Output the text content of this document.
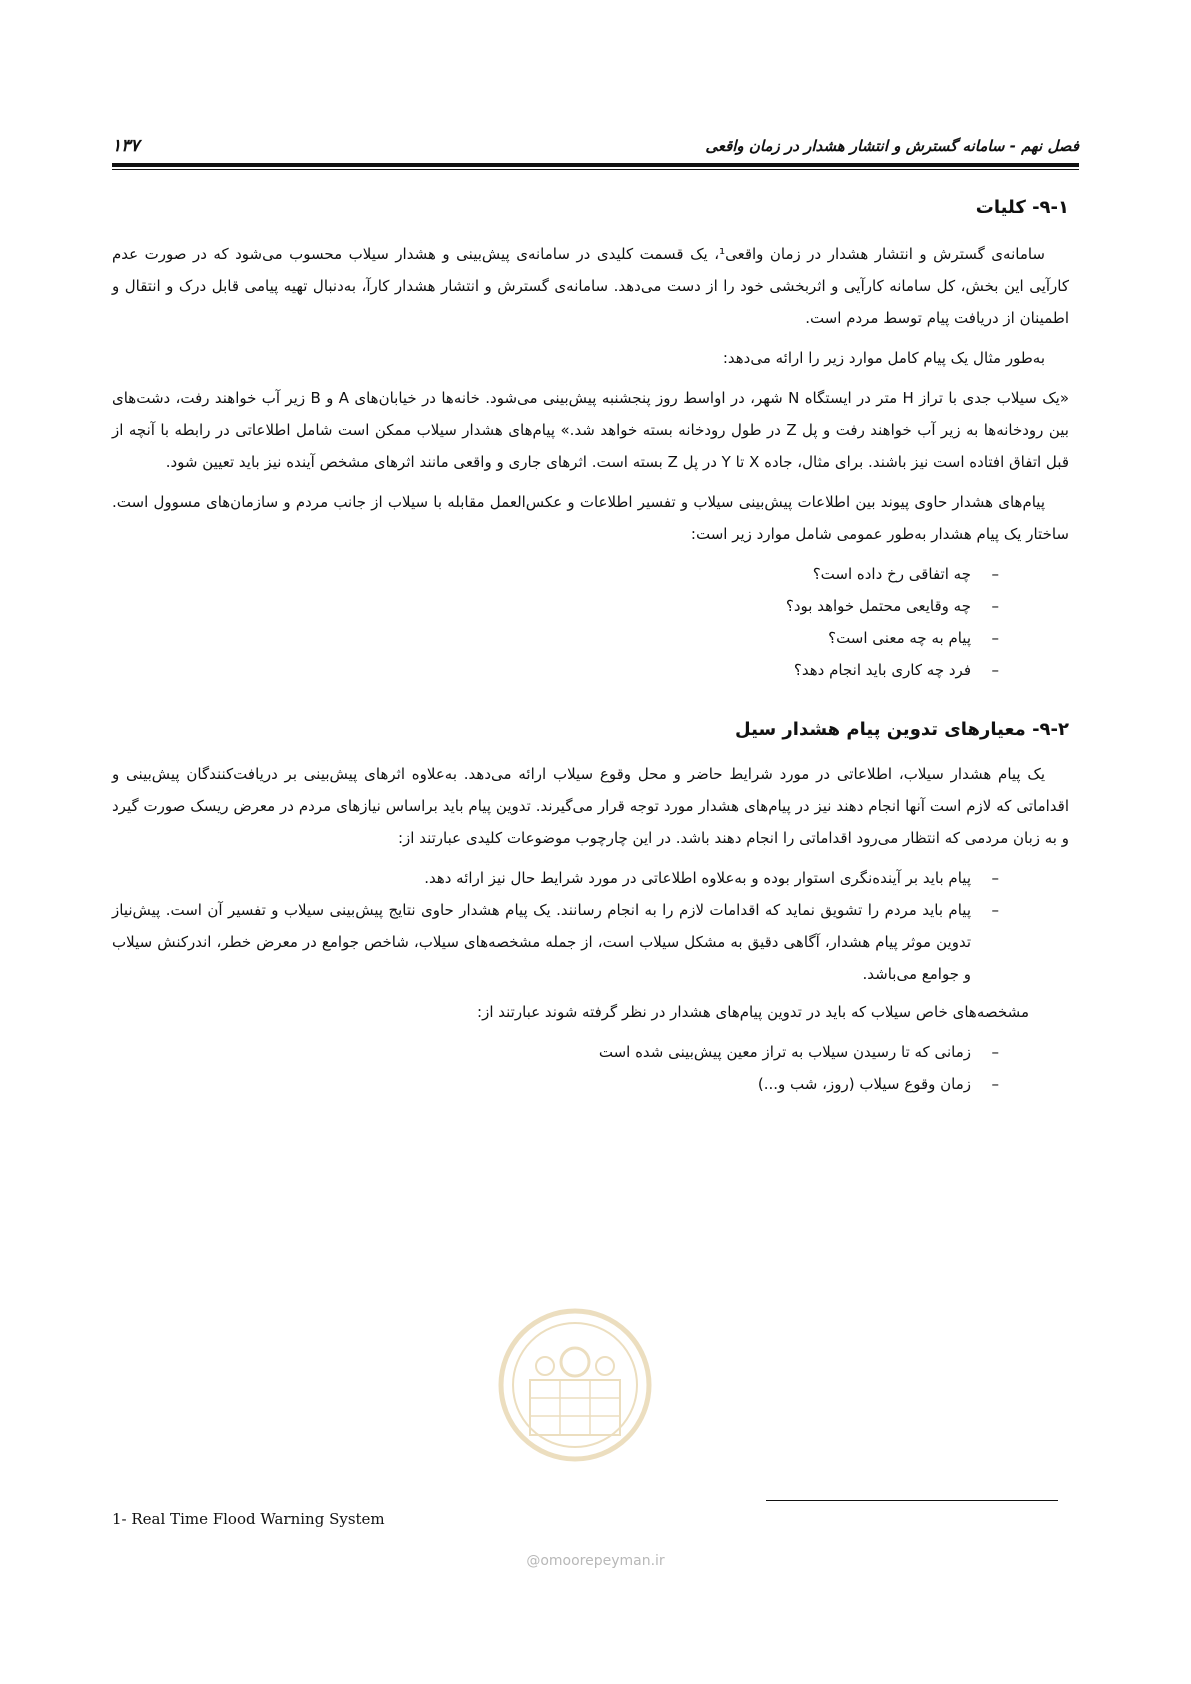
فصل نهم - سامانه گسترش و انتشار هشدار در زمان واقعی
۱۳۷
۹-۱- کلیات

سامانه‌ی گسترش و انتشار هشدار در زمان واقعی¹، یک قسمت کلیدی در سامانه‌ی پیش‌بینی و هشدار سیلاب محسوب می‌شود که در صورت عدم کارآیی این بخش، کل سامانه کارآیی و اثربخشی خود را از دست می‌دهد. سامانه‌ی گسترش و انتشار هشدار کارآ، به‌دنبال تهیه پیامی قابل درک و انتقال و اطمینان از دریافت پیام توسط مردم است.

به‌طور مثال یک پیام کامل موارد زیر را ارائه می‌دهد:

«یک سیلاب جدی با تراز H متر در ایستگاه N شهر، در اواسط روز پنجشنبه پیش‌بینی می‌شود. خانه‌ها در خیابان‌های A و B زیر آب خواهند رفت، دشت‌های بین رودخانه‌ها به زیر آب خواهند رفت و پل Z در طول رودخانه بسته خواهد شد.» پیام‌های هشدار سیلاب ممکن است شامل اطلاعاتی در رابطه با آنچه از قبل اتفاق افتاده است نیز باشند. برای مثال، جاده X تا Y در پل Z بسته است. اثرهای جاری و واقعی مانند اثرهای مشخص آینده نیز باید تعیین شود.

پیام‌های هشدار حاوی پیوند بین اطلاعات پیش‌بینی سیلاب و تفسیر اطلاعات و عکس‌العمل مقابله با سیلاب از جانب مردم و سازمان‌های مسوول است. ساختار یک پیام هشدار به‌طور عمومی شامل موارد زیر است:

–
چه اتفاقی رخ داده است؟
–
چه وقایعی محتمل خواهد بود؟
–
پیام به چه معنی است؟
–
فرد چه کاری باید انجام دهد؟
۹-۲- معیارهای تدوین پیام هشدار سیل

یک پیام هشدار سیلاب، اطلاعاتی در مورد شرایط حاضر و محل وقوع سیلاب ارائه می‌دهد. به‌علاوه اثرهای پیش‌بینی بر دریافت‌کنندگان پیش‌بینی و اقداماتی که لازم است آنها انجام دهند نیز در پیام‌های هشدار مورد توجه قرار می‌گیرند. تدوین پیام باید براساس نیازهای مردم در معرض ریسک صورت گیرد و به زبان مردمی که انتظار می‌رود اقداماتی را انجام دهند باشد. در این چارچوب موضوعات کلیدی عبارتند از:

–
پیام باید بر آینده‌نگری استوار بوده و به‌علاوه اطلاعاتی در مورد شرایط حال نیز ارائه دهد.
–
پیام باید مردم را تشویق نماید که اقدامات لازم را به انجام رسانند. یک پیام هشدار حاوی نتایج پیش‌بینی سیلاب و تفسیر آن است. پیش‌نیاز تدوین موثر پیام هشدار، آگاهی دقیق به مشکل سیلاب است، از جمله مشخصه‌های سیلاب، شاخص جوامع در معرض خطر، اندرکنش سیلاب و جوامع می‌باشد.

مشخصه‌های خاص سیلاب که باید در تدوین پیام‌های هشدار در نظر گرفته شوند عبارتند از:

–
زمانی که تا رسیدن سیلاب به تراز معین پیش‌بینی شده است
–
زمان وقوع سیلاب (روز، شب و...)
1- Real Time Flood Warning System
@omoorepeyman.ir
